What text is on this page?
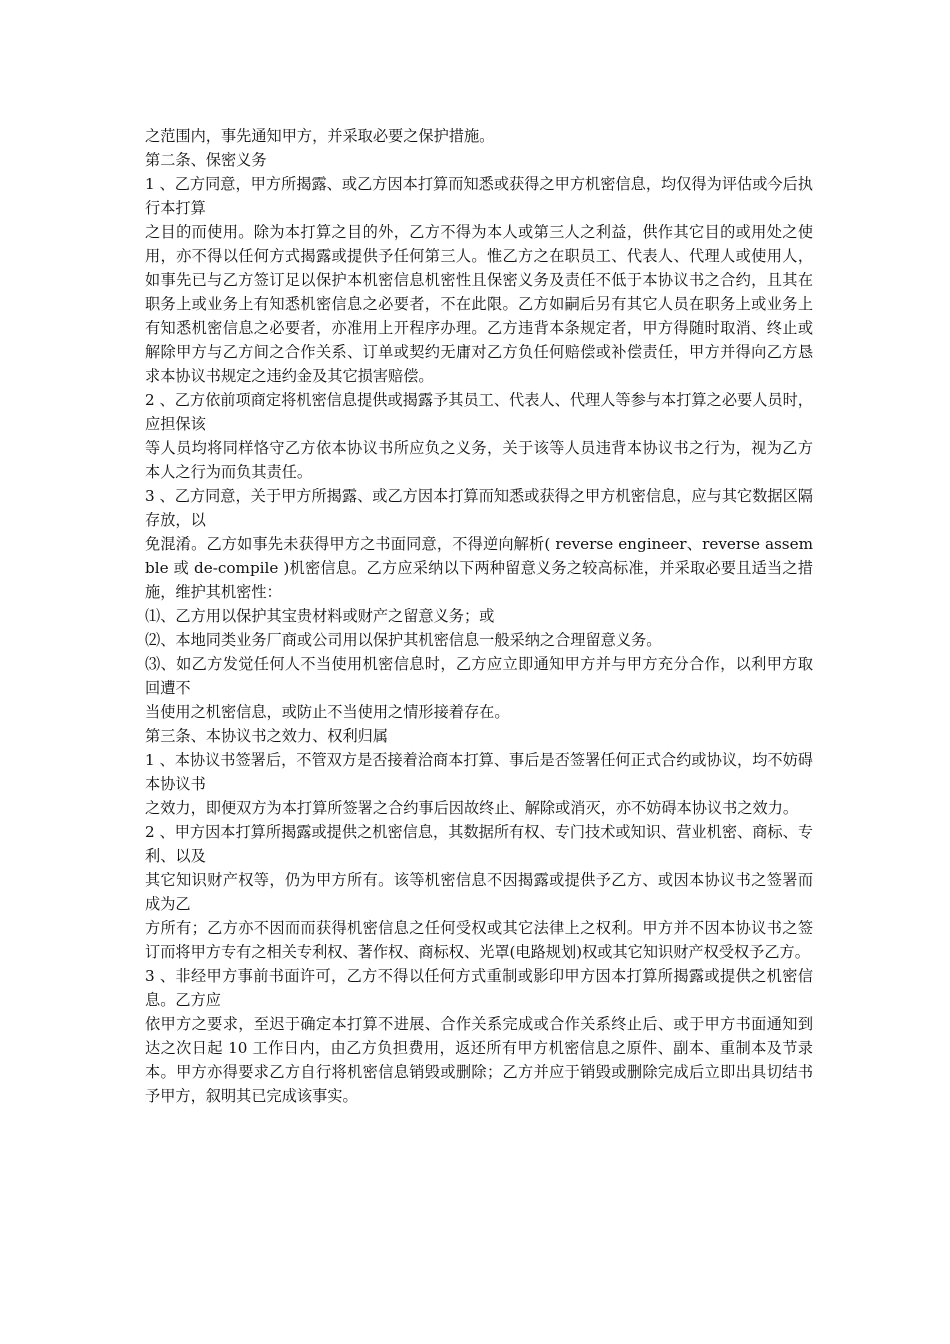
之范围内，事先通知甲方，并采取必要之保护措施。

第二条、保密义务

1 、乙方同意，甲方所揭露、或乙方因本打算而知悉或获得之甲方机密信息，均仅得为评估或今后执行本打算

之目的而使用。除为本打算之目的外，乙方不得为本人或第三人之利益，供作其它目的或用处之使用，亦不得以任何方式揭露或提供予任何第三人。惟乙方之在职员工、代表人、代理人或使用人，如事先已与乙方签订足以保护本机密信息机密性且保密义务及责任不低于本协议书之合约，且其在职务上或业务上有知悉机密信息之必要者，不在此限。乙方如嗣后另有其它人员在职务上或业务上有知悉机密信息之必要者，亦准用上开程序办理。乙方违背本条规定者，甲方得随时取消、终止或解除甲方与乙方间之合作关系、订单或契约无庸对乙方负任何赔偿或补偿责任，甲方并得向乙方恳求本协议书规定之违约金及其它损害赔偿。

2 、乙方依前项商定将机密信息提供或揭露予其员工、代表人、代理人等参与本打算之必要人员时，应担保该

等人员均将同样恪守乙方依本协议书所应负之义务，关于该等人员违背本协议书之行为，视为乙方本人之行为而负其责任。

3 、乙方同意，关于甲方所揭露、或乙方因本打算而知悉或获得之甲方机密信息，应与其它数据区隔存放，以

免混淆。乙方如事先未获得甲方之书面同意，不得逆向解析( reverse engineer、reverse assemble 或 de-compile )机密信息。乙方应采纳以下两种留意义务之较高标准，并采取必要且适当之措施，维护其机密性：

⑴、乙方用以保护其宝贵材料或财产之留意义务；或

⑵、本地同类业务厂商或公司用以保护其机密信息一般采纳之合理留意义务。

⑶、如乙方发觉任何人不当使用机密信息时，乙方应立即通知甲方并与甲方充分合作，以利甲方取回遭不

当使用之机密信息，或防止不当使用之情形接着存在。

第三条、本协议书之效力、权利归属

1 、本协议书签署后，不管双方是否接着洽商本打算、事后是否签署任何正式合约或协议，均不妨碍本协议书

之效力，即便双方为本打算所签署之合约事后因故终止、解除或消灭，亦不妨碍本协议书之效力。

2 、甲方因本打算所揭露或提供之机密信息，其数据所有权、专门技术或知识、营业机密、商标、专利、以及

其它知识财产权等，仍为甲方所有。该等机密信息不因揭露或提供予乙方、或因本协议书之签署而成为乙

方所有；乙方亦不因而而获得机密信息之任何受权或其它法律上之权利。甲方并不因本协议书之签订而将甲方专有之相关专利权、著作权、商标权、光罩(电路规划)权或其它知识财产权受权予乙方。

3 、非经甲方事前书面许可，乙方不得以任何方式重制或影印甲方因本打算所揭露或提供之机密信息。乙方应

依甲方之要求，至迟于确定本打算不进展、合作关系完成或合作关系终止后、或于甲方书面通知到达之次日起 10 工作日内，由乙方负担费用，返还所有甲方机密信息之原件、副本、重制本及节录本。甲方亦得要求乙方自行将机密信息销毁或删除；乙方并应于销毁或删除完成后立即出具切结书予甲方，叙明其已完成该事实。
